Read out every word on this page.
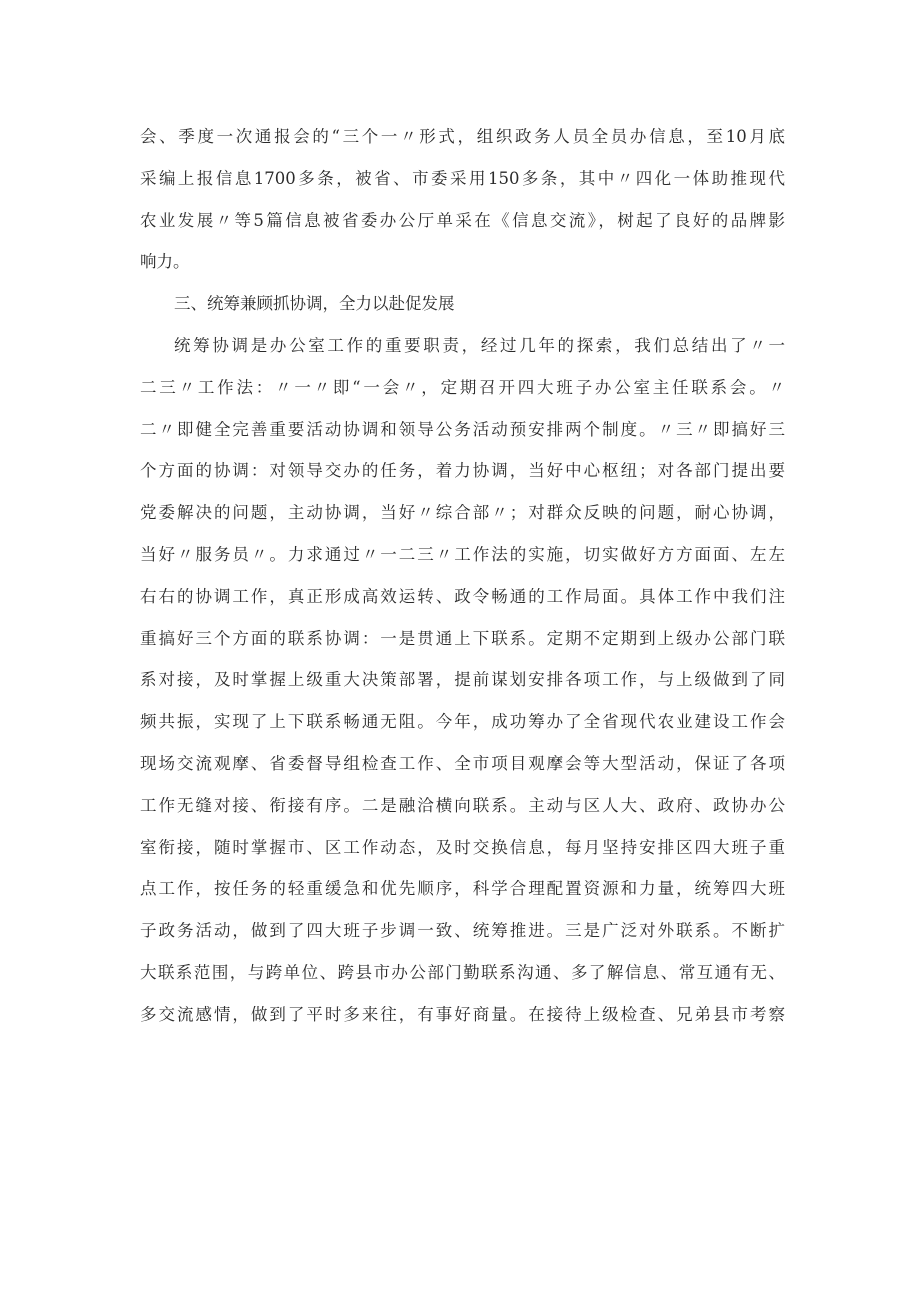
会、季度一次通报会的“三个一〃形式，组织政务人员全员办信息，至10月底
采编上报信息1700多条，被省、市委采用150多条，其中〃四化一体助推现代
农业发展〃等5篇信息被省委办公厅单采在《信息交流》，树起了良好的品牌影
响力。
三、统筹兼顾抓协调，全力以赴促发展
统筹协调是办公室工作的重要职责，经过几年的探索，我们总结出了〃一
二三〃工作法：〃一〃即“一会〃，定期召开四大班子办公室主任联系会。〃
二〃即健全完善重要活动协调和领导公务活动预安排两个制度。〃三〃即搞好三
个方面的协调：对领导交办的任务，着力协调，当好中心枢纽；对各部门提出要
党委解决的问题，主动协调，当好〃综合部〃；对群众反映的问题，耐心协调，
当好〃服务员〃。力求通过〃一二三〃工作法的实施，切实做好方方面面、左左
右右的协调工作，真正形成高效运转、政令畅通的工作局面。具体工作中我们注
重搞好三个方面的联系协调：一是贯通上下联系。定期不定期到上级办公部门联
系对接，及时掌握上级重大决策部署，提前谋划安排各项工作，与上级做到了同
频共振，实现了上下联系畅通无阻。今年，成功筹办了全省现代农业建设工作会
现场交流观摩、省委督导组检查工作、全市项目观摩会等大型活动，保证了各项
工作无缝对接、衔接有序。二是融洽横向联系。主动与区人大、政府、政协办公
室衔接，随时掌握市、区工作动态，及时交换信息，每月坚持安排区四大班子重
点工作，按任务的轻重缓急和优先顺序，科学合理配置资源和力量，统筹四大班
子政务活动，做到了四大班子步调一致、统筹推进。三是广泛对外联系。不断扩
大联系范围，与跨单位、跨县市办公部门勤联系沟通、多了解信息、常互通有无、
多交流感情，做到了平时多来往，有事好商量。在接待上级检查、兄弟县市考察
